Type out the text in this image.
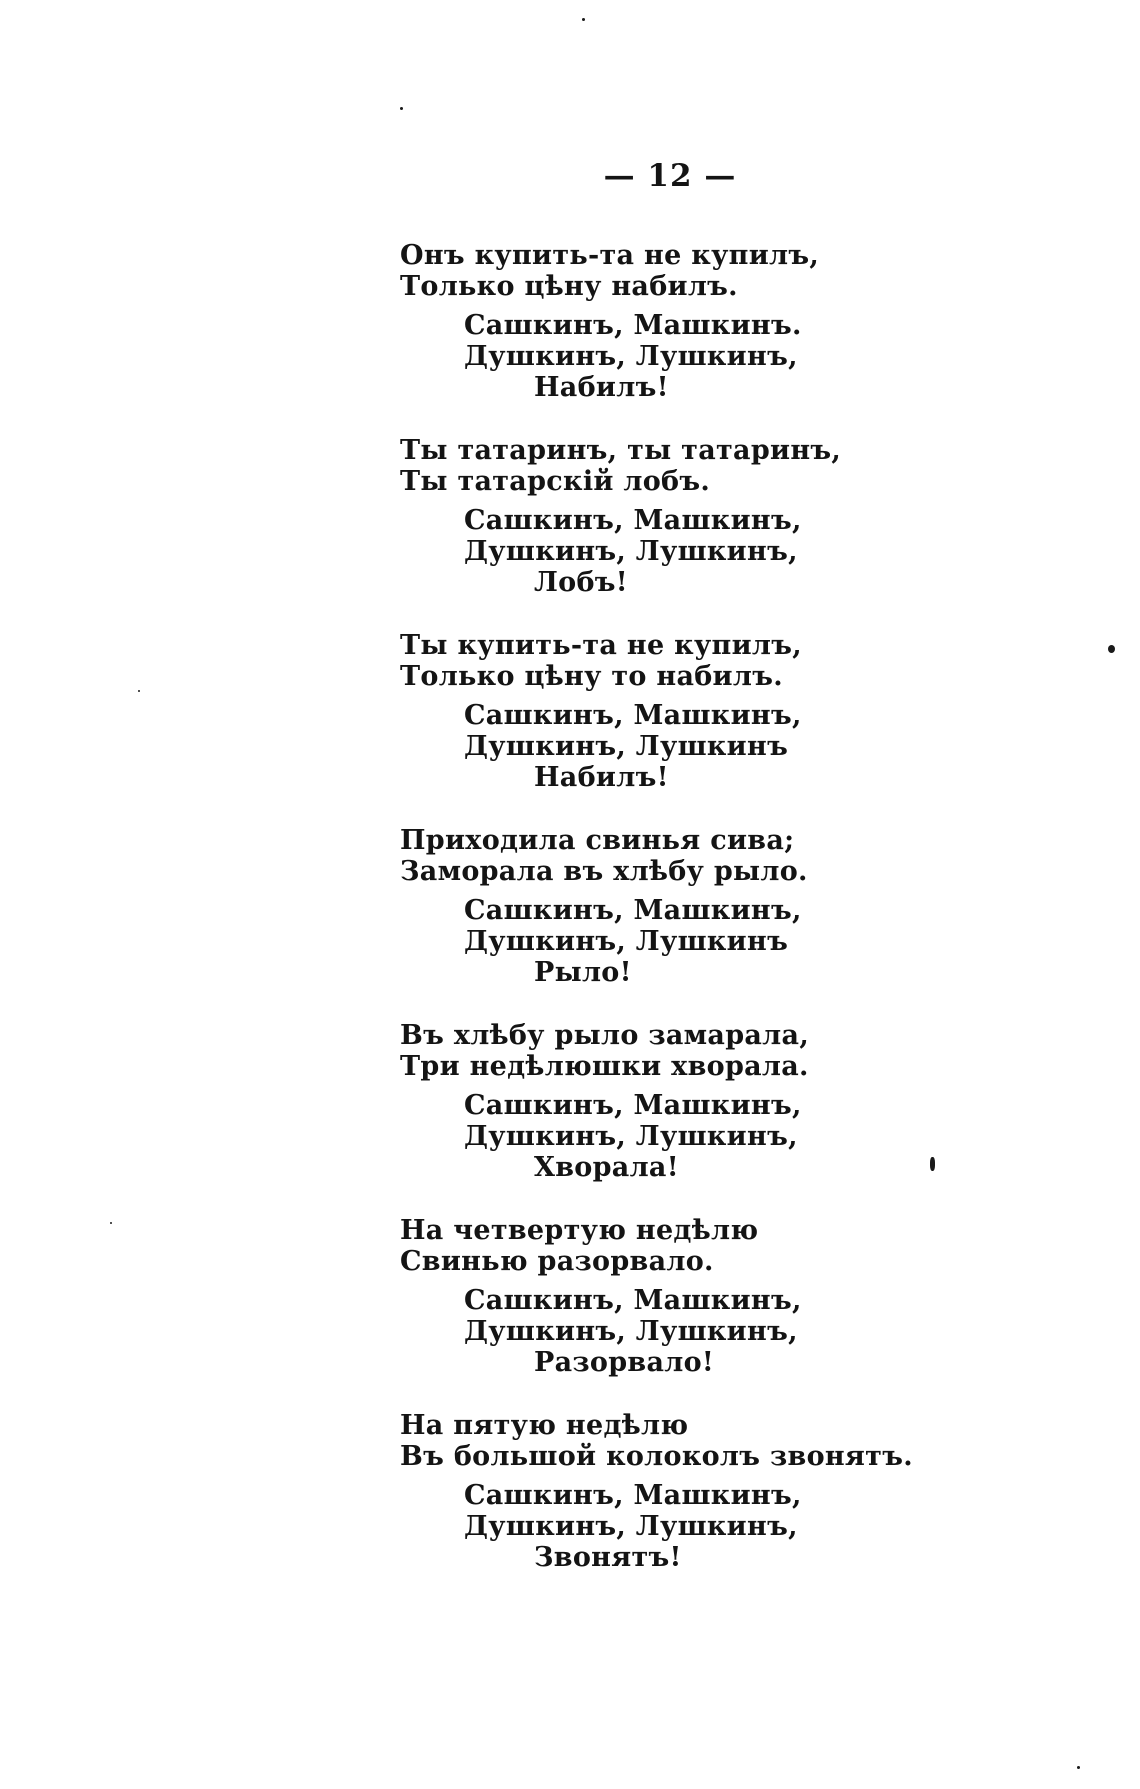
— 12 —
Онъ купить-та не купилъ,
Только цѣну набилъ.
Сашкинъ, Машкинъ.
Душкинъ, Лушкинъ,
Набилъ!
Ты татаринъ, ты татаринъ,
Ты татарскій лобъ.
Сашкинъ, Машкинъ,
Душкинъ, Лушкинъ,
Лобъ!
Ты купить-та не купилъ,
Только цѣну то набилъ.
Сашкинъ, Машкинъ,
Душкинъ, Лушкинъ
Набилъ!
Приходила свинья сива;
Заморала въ хлѣбу рыло.
Сашкинъ, Машкинъ,
Душкинъ, Лушкинъ
Рыло!
Въ хлѣбу рыло замарала,
Три недѣлюшки хворала.
Сашкинъ, Машкинъ,
Душкинъ, Лушкинъ,
Хворала!
На четвертую недѣлю
Свинью разорвало.
Сашкинъ, Машкинъ,
Душкинъ, Лушкинъ,
Разорвало!
На пятую недѣлю
Въ большой колоколъ звонятъ.
Сашкинъ, Машкинъ,
Душкинъ, Лушкинъ,
Звонятъ!
